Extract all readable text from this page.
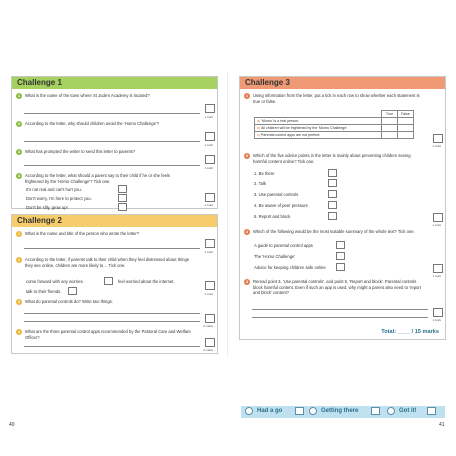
Challenge 1
1	What is the name of the town where St Jude's Academy is located?
1 mark
2	According to the letter, why should children avoid the 'Homo Challenge'?
1 mark
3	What has prompted the writer to send this letter to parents?
1 mark
4	According to the letter, what should a parent say to their child if he or she feels frightened by the 'Homo Challenge'? Tick one.
It's not real and can't hurt you.
Don't worry, I'm here to protect you.
Don't be silly, grow up!	1 mark
Challenge 2
1	What is the name and title of the person who wrote the letter?
1 mark
2	According to the letter, if parents talk to their child when they feel distressed about things they see online, children are more likely to… Tick one.
come forward with any worries.	feel worried about the internet.
talk to their friends.	1 mark
3	What do parental controls do? Write two things.
2 marks
4	What are the three parental control apps recommended by the Pastoral Care and Welfare Officer?
3 marks
40
Challenge 3
1	Using information from the letter, put a tick in each row to show whether each statement is true or false.
	True	False
a) 'Momo' is a real person.		
b) All children will be frightened by the 'Momo Challenge'.		
c) Parental control apps are not perfect.		
1 mark
2	Which of the five advice points in the letter is mainly about preventing children seeing harmful content online? Tick one.
1. Be there
2. Talk
3. Use parental controls
4. Be aware of peer pressure
5. Report and block
1 mark
3	Which of the following would be the most suitable summary of the whole text? Tick one.
A guide to parental control apps
The 'Homo Challenge'
Advice for keeping children safe online
1 mark
4	Reread point 3, 'Use parental controls', and point 5, 'Report and block'. Parental controls block harmful content. Even if such an app is used, why might a parent also need to 'report and block' content?
1 mark
Total: ____ / 15 marks
Had a go	Getting there	Got it!
41
